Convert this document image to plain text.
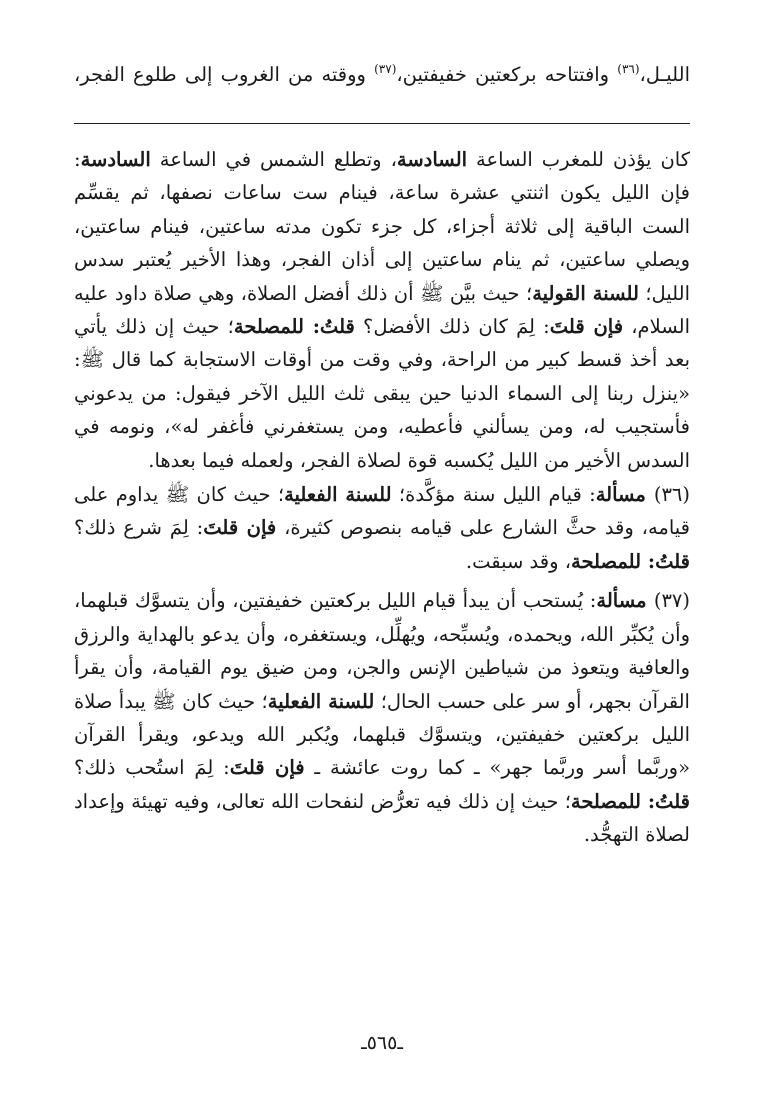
الليـل،$^{(٣٦)}$ وافتتاحه بركعتين خفيفتين،$^{(٣٧)}$ ووقته من الغروب إلى طلوع الفجر،

كان يؤذن للمغرب الساعة السادسة، وتطلع الشمس في الساعة السادسة: فإن الليل يكون اثنتي عشرة ساعة، فينام ست ساعات نصفها، ثم يقسِّم الست الباقية إلى ثلاثة أجزاء، كل جزء تكون مدته ساعتين، فينام ساعتين، ويصلي ساعتين، ثم ينام ساعتين إلى أذان الفجر، وهذا الأخير يُعتبر سدس الليل؛ للسنة القولية؛ حيث بيَّن ﷺ أن ذلك أفضل الصلاة، وهي صلاة داود عليه السلام، فإن قلتَ: لِمَ كان ذلك الأفضل؟ قلتُ: للمصلحة؛ حيث إن ذلك يأتي بعد أخذ قسط كبير من الراحة، وفي وقت من أوقات الاستجابة كما قال ﷺ: «ينزل ربنا إلى السماء الدنيا حين يبقى ثلث الليل الآخر فيقول: من يدعوني فأستجيب له، ومن يسألني فأعطيه، ومن يستغفرني فأغفر له»، ونومه في السدس الأخير من الليل يُكسبه قوة لصلاة الفجر، ولعمله فيما بعدها.

(٣٦) مسألة: قيام الليل سنة مؤكَّدة؛ للسنة الفعلية؛ حيث كان ﷺ يداوم على قيامه، وقد حثَّ الشارع على قيامه بنصوص كثيرة، فإن قلتَ: لِمَ شرع ذلك؟ قلتُ: للمصلحة، وقد سبقت.

(٣٧) مسألة: يُستحب أن يبدأ قيام الليل بركعتين خفيفتين، وأن يتسوَّك قبلهما، وأن يُكبِّر الله، ويحمده، ويُسبِّحه، ويُهلِّل، ويستغفره، وأن يدعو بالهداية والرزق والعافية ويتعوذ من شياطين الإنس والجن، ومن ضيق يوم القيامة، وأن يقرأ القرآن بجهر، أو سر على حسب الحال؛ للسنة الفعلية؛ حيث كان ﷺ يبدأ صلاة الليل بركعتين خفيفتين، ويتسوَّك قبلهما، ويُكبر الله ويدعو، ويقرأ القرآن «وربَّما أسر وربَّما جهر» ـ كما روت عائشة ـ فإن قلتَ: لِمَ استُحب ذلك؟ قلتُ: للمصلحة؛ حيث إن ذلك فيه تعرُّض لنفحات الله تعالى، وفيه تهيئة وإعداد لصلاة التهجُّد.

ـ٥٦٥ـ
